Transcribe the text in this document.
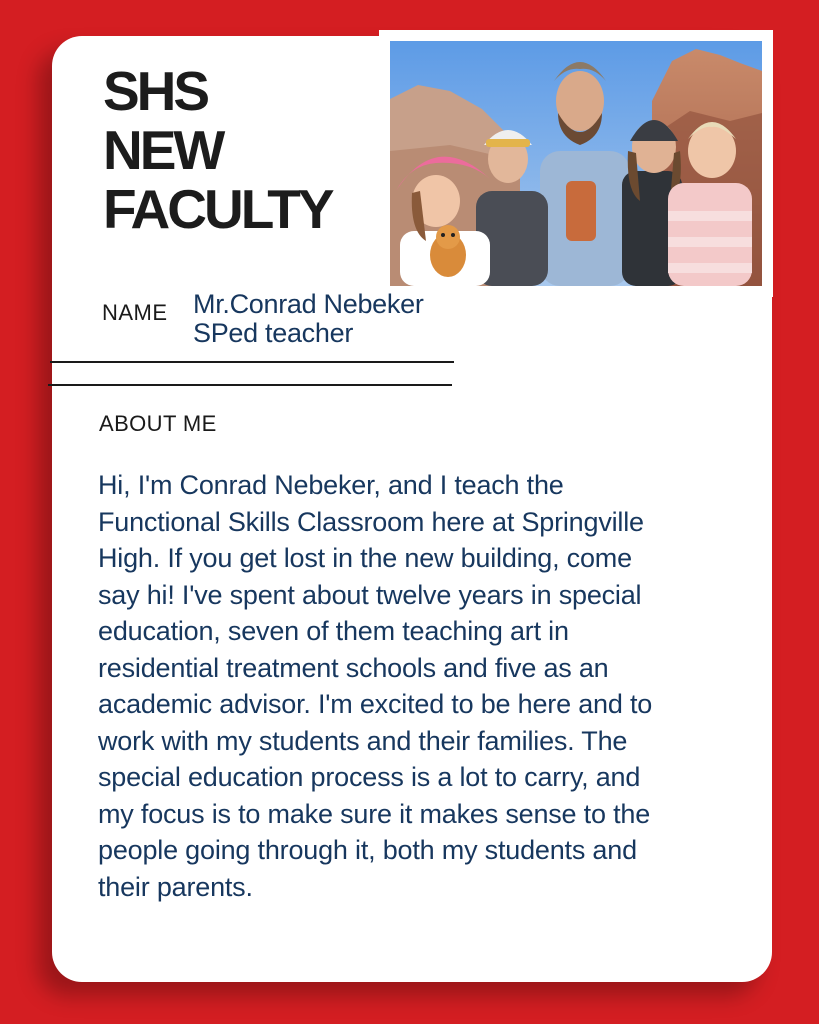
SHS
NEW
FACULTY
NAME Mr.Conrad Nebeker
SPed teacher
ABOUT ME

Hi, I'm Conrad Nebeker, and I teach the Functional Skills Classroom here at Springville High. If you get lost in the new building, come say hi! I've spent about twelve years in special education, seven of them teaching art in residential treatment schools and five as an academic advisor. I'm excited to be here and to work with my students and their families. The special education process is a lot to carry, and my focus is to make sure it makes sense to the people going through it, both my students and their parents.
